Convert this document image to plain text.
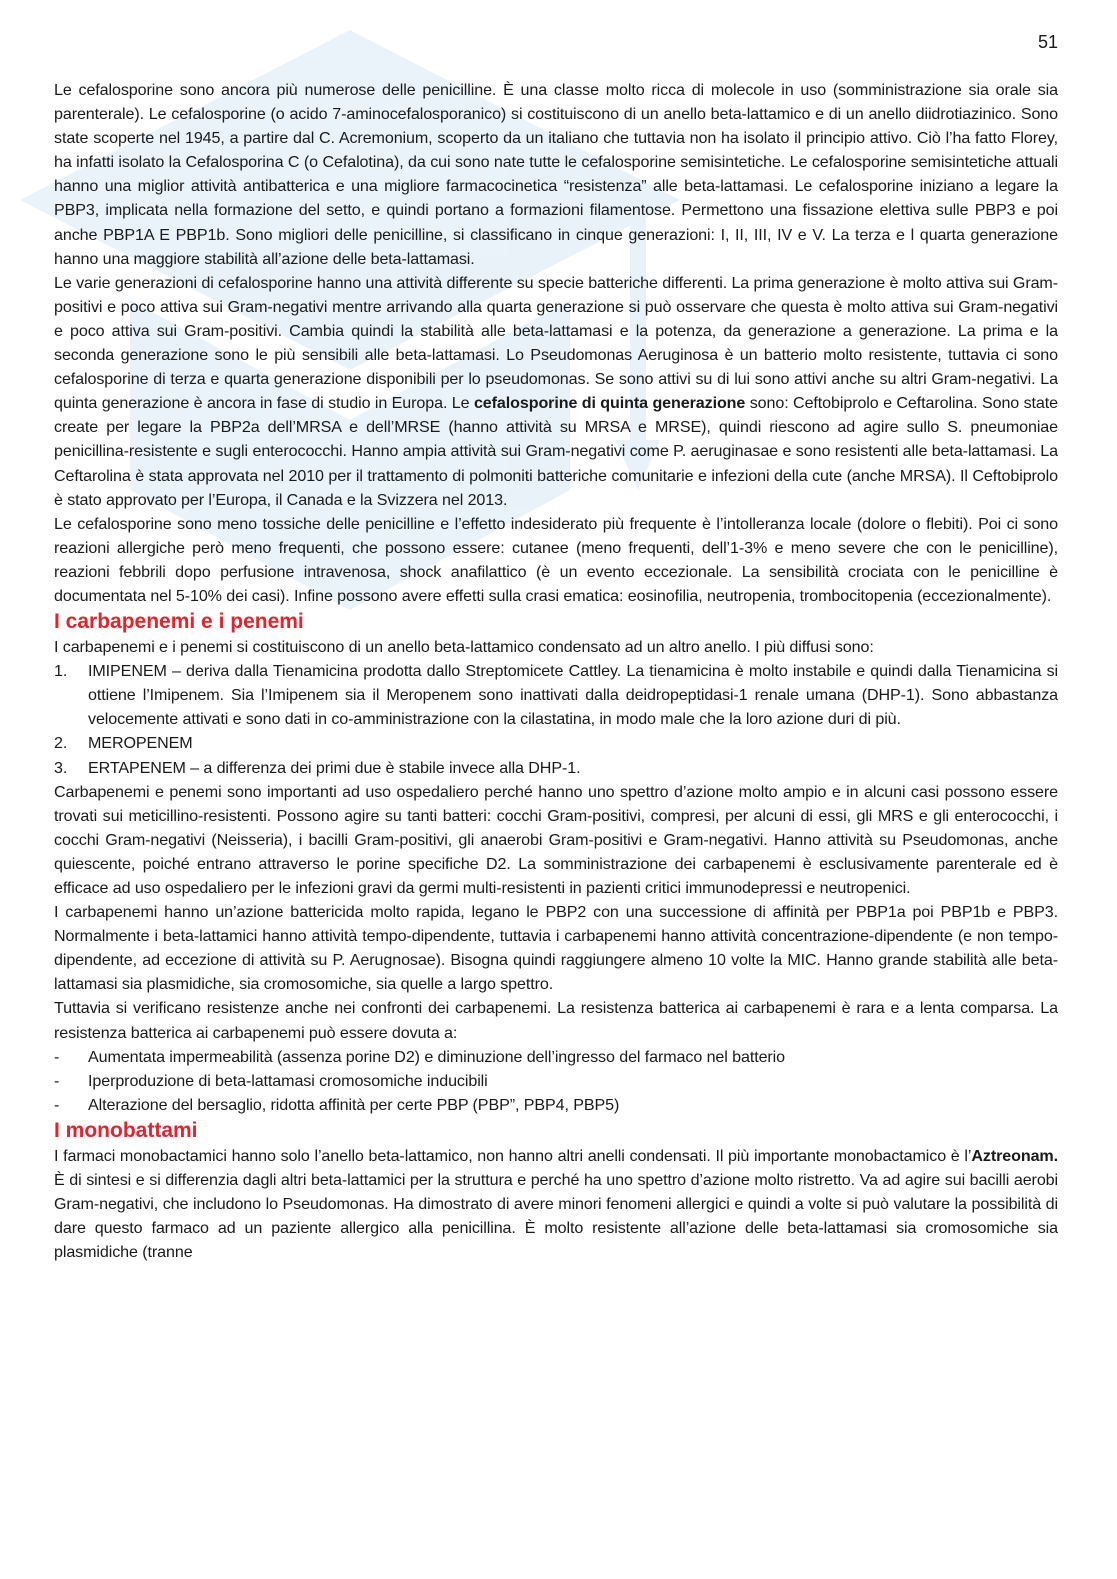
51

Le cefalosporine sono ancora più numerose delle penicilline. È una classe molto ricca di molecole in uso (somministrazione sia orale sia parenterale). Le cefalosporine (o acido 7-aminocefalosporanico) si costituiscono di un anello beta-lattamico e di un anello diidrotiazinico. Sono state scoperte nel 1945, a partire dal C. Acremonium, scoperto da un italiano che tuttavia non ha isolato il principio attivo. Ciò l’ha fatto Florey, ha infatti isolato la Cefalosporina C (o Cefalotina), da cui sono nate tutte le cefalosporine semisintetiche. Le cefalosporine semisintetiche attuali hanno una miglior attività antibatterica e una migliore farmacocinetica “resistenza” alle beta-lattamasi. Le cefalosporine iniziano a legare la PBP3, implicata nella formazione del setto, e quindi portano a formazioni filamentose. Permettono una fissazione elettiva sulle PBP3 e poi anche PBP1A E PBP1b. Sono migliori delle penicilline, si classificano in cinque generazioni: I, II, III, IV e V. La terza e l quarta generazione hanno una maggiore stabilità all’azione delle beta-lattamasi.

Le varie generazioni di cefalosporine hanno una attività differente su specie batteriche differenti. La prima generazione è molto attiva sui Gram-positivi e poco attiva sui Gram-negativi mentre arrivando alla quarta generazione si può osservare che questa è molto attiva sui Gram-negativi e poco attiva sui Gram-positivi. Cambia quindi la stabilità alle beta-lattamasi e la potenza, da generazione a generazione. La prima e la seconda generazione sono le più sensibili alle beta-lattamasi. Lo Pseudomonas Aeruginosa è un batterio molto resistente, tuttavia ci sono cefalosporine di terza e quarta generazione disponibili per lo pseudomonas. Se sono attivi su di lui sono attivi anche su altri Gram-negativi. La quinta generazione è ancora in fase di studio in Europa. Le cefalosporine di quinta generazione sono: Ceftobiprolo e Ceftarolina. Sono state create per legare la PBP2a dell’MRSA e dell’MRSE (hanno attività su MRSA e MRSE), quindi riescono ad agire sullo S. pneumoniae penicillina-resistente e sugli enterococchi. Hanno ampia attività sui Gram-negativi come P. aeruginasae e sono resistenti alle beta-lattamasi. La Ceftarolina è stata approvata nel 2010 per il trattamento di polmoniti batteriche comunitarie e infezioni della cute (anche MRSA). Il Ceftobiprolo è stato approvato per l’Europa, il Canada e la Svizzera nel 2013.

Le cefalosporine sono meno tossiche delle penicilline e l’effetto indesiderato più frequente è l’intolleranza locale (dolore o flebiti). Poi ci sono reazioni allergiche però meno frequenti, che possono essere: cutanee (meno frequenti, dell’1-3% e meno severe che con le penicilline), reazioni febbrili dopo perfusione intravenosa, shock anafilattico (è un evento eccezionale. La sensibilità crociata con le penicilline è documentata nel 5-10% dei casi). Infine possono avere effetti sulla crasi ematica: eosinofilia, neutropenia, trombocitopenia (eccezionalmente).

I carbapenemi e i penemi

I carbapenemi e i penemi si costituiscono di un anello beta-lattamico condensato ad un altro anello. I più diffusi sono:

1.	IMIPENEM – deriva dalla Tienamicina prodotta dallo Streptomicete Cattley. La tienamicina è molto instabile e quindi dalla Tienamicina si ottiene l’Imipenem. Sia l’Imipenem sia il Meropenem sono inattivati dalla deidropeptidasi-1 renale umana (DHP-1). Sono abbastanza velocemente attivati e sono dati in co-amministrazione con la cilastatina, in modo male che la loro azione duri di più.
2.	MEROPENEM
3.	ERTAPENEM – a differenza dei primi due è stabile invece alla DHP-1.

Carbapenemi e penemi sono importanti ad uso ospedaliero perché hanno uno spettro d’azione molto ampio e in alcuni casi possono essere trovati sui meticillino-resistenti. Possono agire su tanti batteri: cocchi Gram-positivi, compresi, per alcuni di essi, gli MRS e gli enterococchi, i cocchi Gram-negativi (Neisseria), i bacilli Gram-positivi, gli anaerobi Gram-positivi e Gram-negativi. Hanno attività su Pseudomonas, anche quiescente, poiché entrano attraverso le porine specifiche D2. La somministrazione dei carbapenemi è esclusivamente parenterale ed è efficace ad uso ospedaliero per le infezioni gravi da germi multi-resistenti in pazienti critici immunodepressi e neutropenici.

I carbapenemi hanno un’azione battericida molto rapida, legano le PBP2 con una successione di affinità per PBP1a poi PBP1b e PBP3. Normalmente i beta-lattamici hanno attività tempo-dipendente, tuttavia i carbapenemi hanno attività concentrazione-dipendente (e non tempo-dipendente, ad eccezione di attività su P. Aerugnosae). Bisogna quindi raggiungere almeno 10 volte la MIC. Hanno grande stabilità alle beta-lattamasi sia plasmidiche, sia cromosomiche, sia quelle a largo spettro.

Tuttavia si verificano resistenze anche nei confronti dei carbapenemi. La resistenza batterica ai carbapenemi è rara e a lenta comparsa. La resistenza batterica ai carbapenemi può essere dovuta a:

-	Aumentata impermeabilità (assenza porine D2) e diminuzione dell’ingresso del farmaco nel batterio
-	Iperproduzione di beta-lattamasi cromosomiche inducibili
-	Alterazione del bersaglio, ridotta affinità per certe PBP (PBP”, PBP4, PBP5)
I monobattami

I farmaci monobactamici hanno solo l’anello beta-lattamico, non hanno altri anelli condensati. Il più importante monobactamico è l’Aztreonam. È di sintesi e si differenzia dagli altri beta-lattamici per la struttura e perché ha uno spettro d’azione molto ristretto. Va ad agire sui bacilli aerobi Gram-negativi, che includono lo Pseudomonas. Ha dimostrato di avere minori fenomeni allergici e quindi a volte si può valutare la possibilità di dare questo farmaco ad un paziente allergico alla penicillina. È molto resistente all’azione delle beta-lattamasi sia cromosomiche sia plasmidiche (tranne
